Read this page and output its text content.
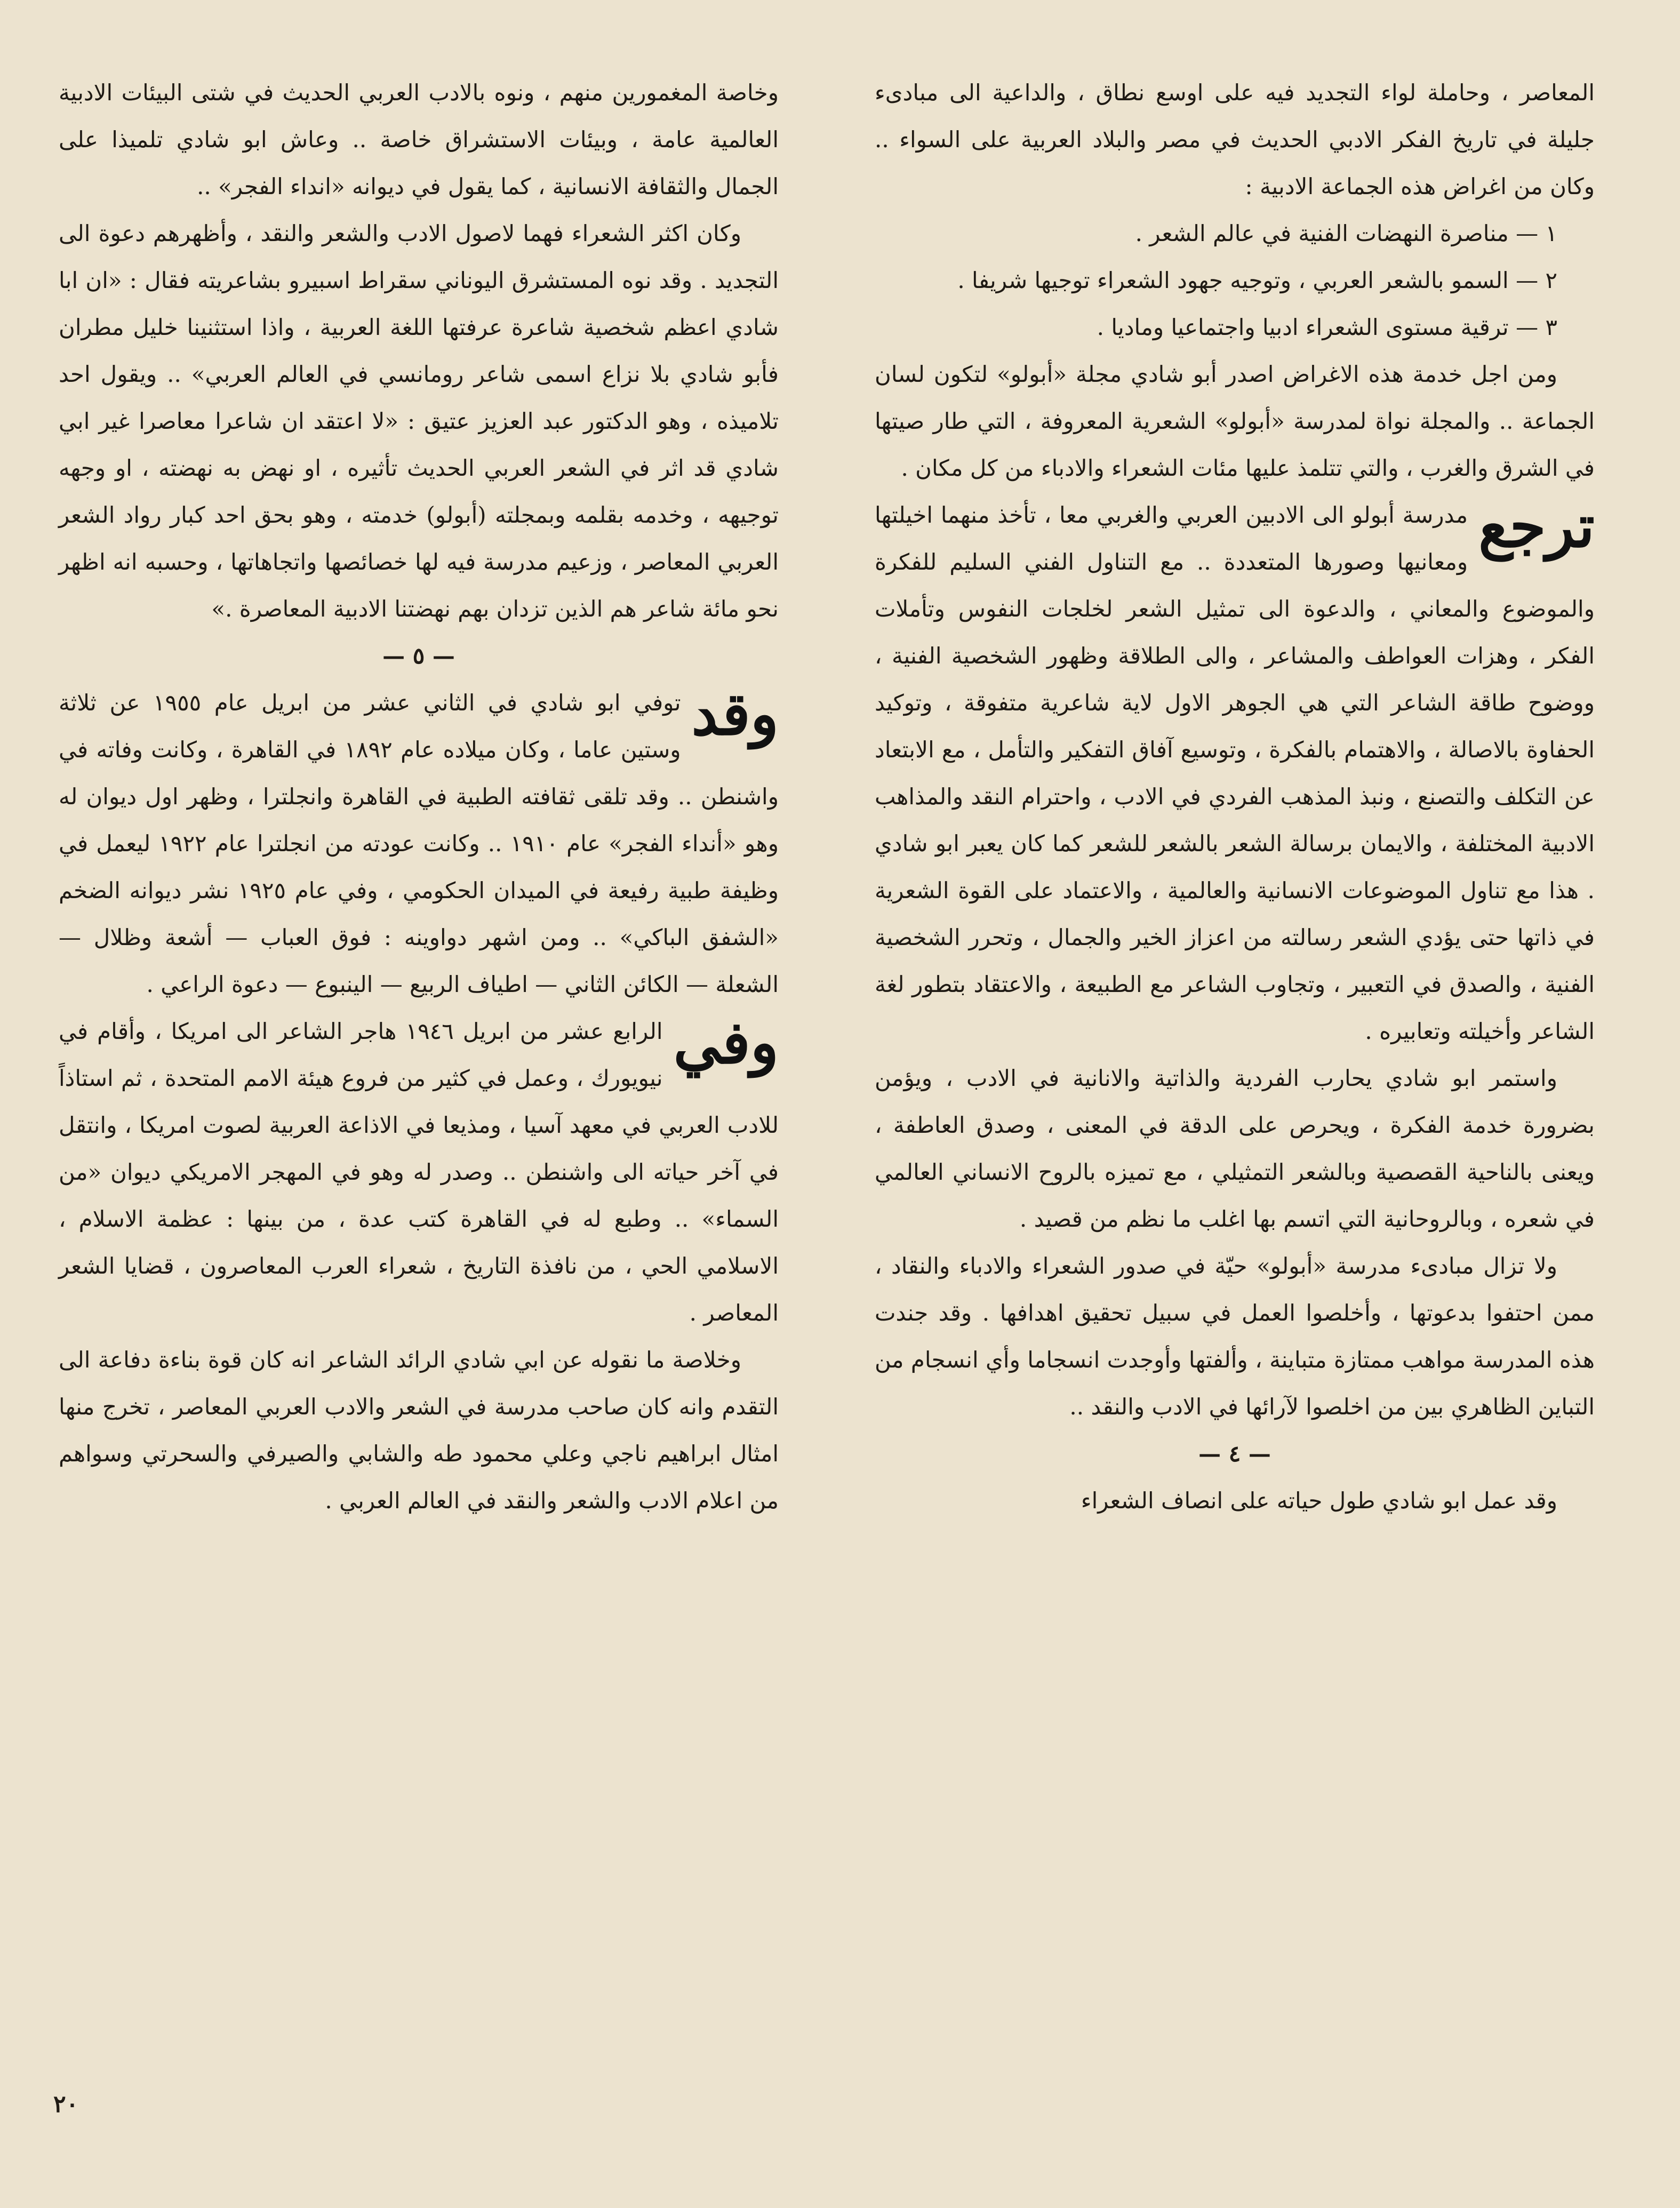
المعاصر ، وحاملة لواء التجديد فيه على اوسع نطاق ، والداعية الى مبادىء جليلة في تاريخ الفكر الادبي الحديث في مصر والبلاد العربية على السواء .. وكان من اغراض هذه الجماعة الادبية :

١ — مناصرة النهضات الفنية في عالم الشعر .

٢ — السمو بالشعر العربي ، وتوجيه جهود الشعراء توجيها شريفا .

٣ — ترقية مستوى الشعراء ادبيا واجتماعيا وماديا .

ومن اجل خدمة هذه الاغراض اصدر أبو شادي مجلة «أبولو» لتكون لسان الجماعة .. والمجلة نواة لمدرسة «أبولو» الشعرية المعروفة ، التي طار صيتها في الشرق والغرب ، والتي تتلمذ عليها مئات الشعراء والادباء من كل مكان .

ترجع
مدرسة أبولو الى الادبين العربي والغربي معا ، تأخذ منهما اخيلتها ومعانيها وصورها المتعددة .. مع التناول الفني السليم للفكرة والموضوع والمعاني ، والدعوة الى تمثيل الشعر لخلجات النفوس وتأملات الفكر ، وهزات العواطف والمشاعر ، والى الطلاقة وظهور الشخصية الفنية ، ووضوح طاقة الشاعر التي هي الجوهر الاول لاية شاعرية متفوقة ، وتوكيد الحفاوة بالاصالة ، والاهتمام بالفكرة ، وتوسيع آفاق التفكير والتأمل ، مع الابتعاد عن التكلف والتصنع ، ونبذ المذهب الفردي في الادب ، واحترام النقد والمذاهب الادبية المختلفة ، والايمان برسالة الشعر بالشعر للشعر كما كان يعبر ابو شادي . هذا مع تناول الموضوعات الانسانية والعالمية ، والاعتماد على القوة الشعرية في ذاتها حتى يؤدي الشعر رسالته من اعزاز الخير والجمال ، وتحرر الشخصية الفنية ، والصدق في التعبير ، وتجاوب الشاعر مع الطبيعة ، والاعتقاد بتطور لغة الشاعر وأخيلته وتعابيره .

واستمر ابو شادي يحارب الفردية والذاتية والانانية في الادب ، ويؤمن بضرورة خدمة الفكرة ، ويحرص على الدقة في المعنى ، وصدق العاطفة ، ويعنى بالناحية القصصية وبالشعر التمثيلي ، مع تميزه بالروح الانساني العالمي في شعره ، وبالروحانية التي اتسم بها اغلب ما نظم من قصيد .

ولا تزال مبادىء مدرسة «أبولو» حيّة في صدور الشعراء والادباء والنقاد ، ممن احتفوا بدعوتها ، وأخلصوا العمل في سبيل تحقيق اهدافها . وقد جندت هذه المدرسة مواهب ممتازة متباينة ، وألفتها وأوجدت انسجاما وأي انسجام من التباين الظاهري بين من اخلصوا لآرائها في الادب والنقد ..

— ٤ —

وقد عمل ابو شادي طول حياته على انصاف الشعراء

وخاصة المغمورين منهم ، ونوه بالادب العربي الحديث في شتى البيئات الادبية العالمية عامة ، وبيئات الاستشراق خاصة .. وعاش ابو شادي تلميذا على الجمال والثقافة الانسانية ، كما يقول في ديوانه «انداء الفجر» ..

وكان اكثر الشعراء فهما لاصول الادب والشعر والنقد ، وأظهرهم دعوة الى التجديد . وقد نوه المستشرق اليوناني سقراط اسبيرو بشاعريته فقال : «ان ابا شادي اعظم شخصية شاعرة عرفتها اللغة العربية ، واذا استثنينا خليل مطران فأبو شادي بلا نزاع اسمى شاعر رومانسي في العالم العربي» .. ويقول احد تلاميذه ، وهو الدكتور عبد العزيز عتيق : «لا اعتقد ان شاعرا معاصرا غير ابي شادي قد اثر في الشعر العربي الحديث تأثيره ، او نهض به نهضته ، او وجهه توجيهه ، وخدمه بقلمه وبمجلته (أبولو) خدمته ، وهو بحق احد كبار رواد الشعر العربي المعاصر ، وزعيم مدرسة فيه لها خصائصها واتجاهاتها ، وحسبه انه اظهر نحو مائة شاعر هم الذين تزدان بهم نهضتنا الادبية المعاصرة .»

— ٥ —

وقد
توفي ابو شادي في الثاني عشر من ابريل عام ١٩٥٥ عن ثلاثة وستين عاما ، وكان ميلاده عام ١٨٩٢ في القاهرة ، وكانت وفاته في واشنطن .. وقد تلقى ثقافته الطبية في القاهرة وانجلترا ، وظهر اول ديوان له وهو «أنداء الفجر» عام ١٩١٠ .. وكانت عودته من انجلترا عام ١٩٢٢ ليعمل في وظيفة طبية رفيعة في الميدان الحكومي ، وفي عام ١٩٢٥ نشر ديوانه الضخم «الشفق الباكي» .. ومن اشهر دواوينه : فوق العباب — أشعة وظلال — الشعلة — الكائن الثاني — اطياف الربيع — الينبوع — دعوة الراعي .

وفي
الرابع عشر من ابريل ١٩٤٦ هاجر الشاعر الى امريكا ، وأقام في نيويورك ، وعمل في كثير من فروع هيئة الامم المتحدة ، ثم استاذاً للادب العربي في معهد آسيا ، ومذيعا في الاذاعة العربية لصوت امريكا ، وانتقل في آخر حياته الى واشنطن .. وصدر له وهو في المهجر الامريكي ديوان «من السماء» .. وطبع له في القاهرة كتب عدة ، من بينها : عظمة الاسلام ، الاسلامي الحي ، من نافذة التاريخ ، شعراء العرب المعاصرون ، قضايا الشعر المعاصر .

وخلاصة ما نقوله عن ابي شادي الرائد الشاعر انه كان قوة بناءة دفاعة الى التقدم وانه كان صاحب مدرسة في الشعر والادب العربي المعاصر ، تخرج منها امثال ابراهيم ناجي وعلي محمود طه والشابي والصيرفي والسحرتي وسواهم من اعلام الادب والشعر والنقد في العالم العربي .

٢٠
